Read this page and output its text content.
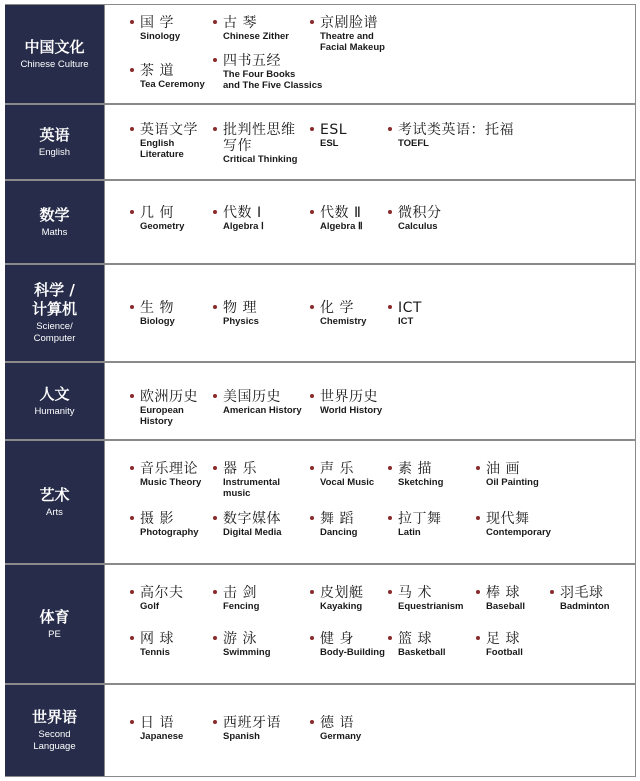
中国文化
Chinese Culture
国 学
Sinology
古 琴
Chinese Zither
京剧脸谱
Theatre and
Facial Makeup
茶 道
Tea Ceremony
四书五经
The Four Books
and The Five Classics
英语
English
英语文学
English
Literature
批判性思维
写作
Critical Thinking
ESL
ESL
考试类英语：托福
TOEFL
数学
Maths
几 何
Geometry
代数 Ⅰ
Algebra Ⅰ
代数 Ⅱ
Algebra Ⅱ
微积分
Calculus
科学 /
计算机
Science/
Computer
生 物
Biology
物 理
Physics
化 学
Chemistry
ICT
ICT
人文
Humanity
欧洲历史
European
History
美国历史
American History
世界历史
World History
艺术
Arts
音乐理论
Music Theory
器 乐
Instrumental
music
声 乐
Vocal Music
素 描
Sketching
油 画
Oil Painting
摄 影
Photography
数字媒体
Digital Media
舞 蹈
Dancing
拉丁舞
Latin
现代舞
Contemporary
体育
PE
高尔夫
Golf
击 剑
Fencing
皮划艇
Kayaking
马 术
Equestrianism
棒 球
Baseball
羽毛球
Badminton
网 球
Tennis
游 泳
Swimming
健 身
Body-Building
篮 球
Basketball
足 球
Football
世界语
Second
Language
日 语
Japanese
西班牙语
Spanish
德 语
Germany
